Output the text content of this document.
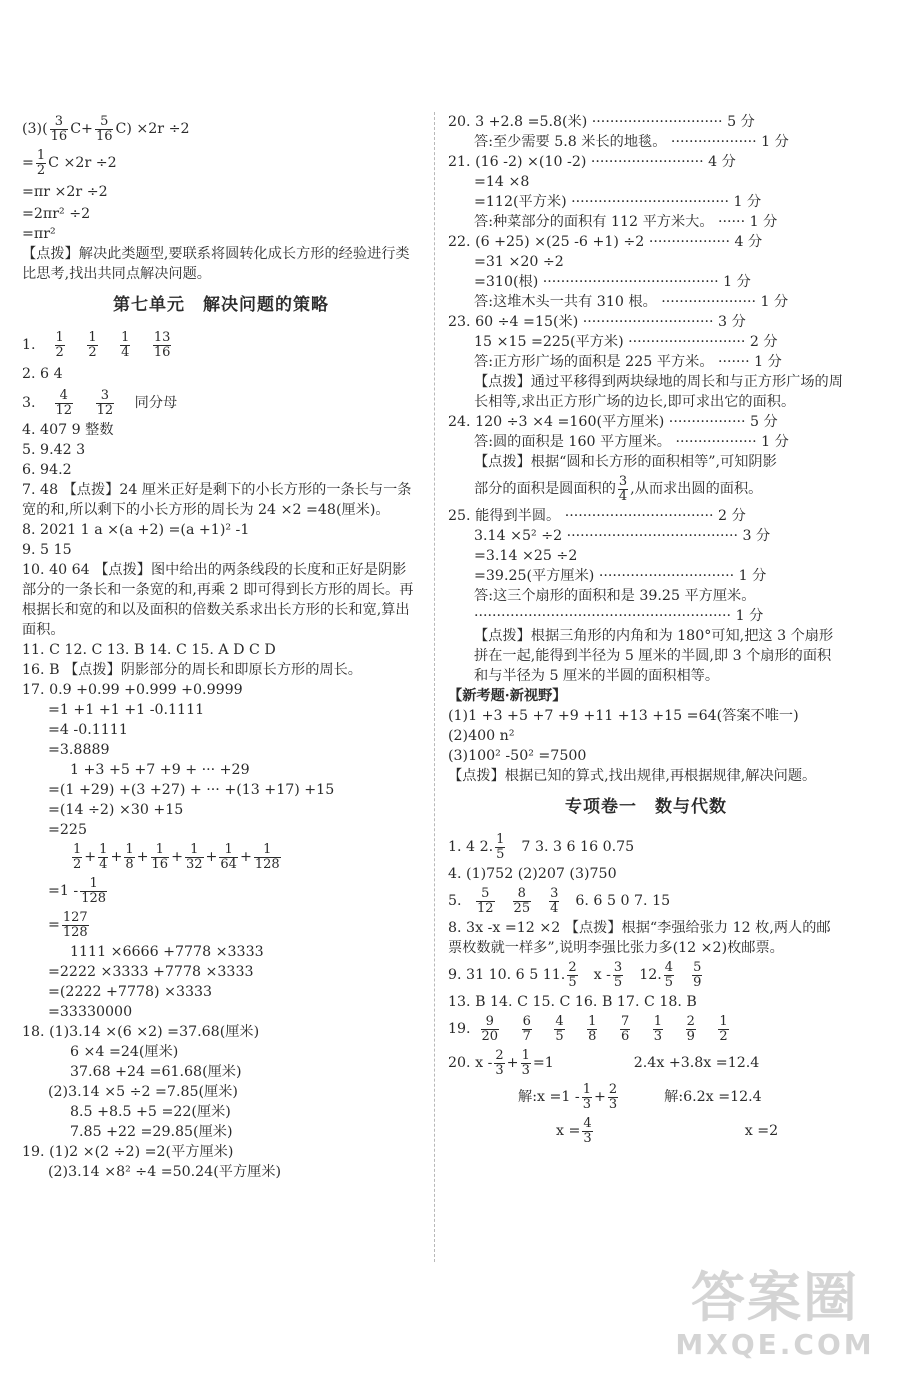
$(3)( \frac{3}{16} C+ \frac{5}{16} C) \times 2r \div 2$
= $\frac{1}{2}$ C ×2r ÷2
=πr ×2r ÷2
=2πr² ÷2
=πr²
【点拨】解决此类题型,要联系将圆转化成长方形的经验进行类比思考,找出共同点解决问题。
第七单元　解决问题的策略
1. $\frac{1}{2}$
$\frac{1}{2}$
$\frac{1}{4}$
$\frac{13}{16}$
2. 6 4
3. $\frac{4}{12}$
$\frac{3}{12}$ 同分母
4. 407 9 整数
5. 9.42 3
6. 94.2
7. 48 【点拨】24 厘米正好是剩下的小长方形的一条长与一条宽的和,所以剩下的小长方形的周长为 24 ×2 =48(厘米)。
8. 2021 1 a ×(a +2) =(a +1)² -1
9. 5 15
10. 40 64 【点拨】图中给出的两条线段的长度和正好是阴影部分的一条长和一条宽的和,再乘 2 即可得到长方形的周长。再根据长和宽的和以及面积的倍数关系求出长方形的长和宽,算出面积。
11. C 12. C 13. B 14. C 15. A D C D
16. B 【点拨】阴影部分的周长和即原长方形的周长。
17. 0.9 +0.99 +0.999 +0.9999
=1 +1 +1 +1 -0.1111
=4 -0.1111
=3.8889
1 +3 +5 +7 +9 + ··· +29
=(1 +29) +(3 +27) + ··· +(13 +17) +15
=(14 ÷2) ×30 +15
=225
$\frac{1}{2} + \frac{1}{4} + \frac{1}{8} + \frac{1}{16} + \frac{1}{32} + \frac{1}{64} + \frac{1}{128}$
$=1 - \frac{1}{128}$
= $\frac{127}{128}$
1111 ×6666 +7778 ×3333
=2222 ×3333 +7778 ×3333
=(2222 +7778) ×3333
=33330000
18. (1)3.14 ×(6 ×2) =37.68(厘米)
6 ×4 =24(厘米)
37.68 +24 =61.68(厘米)
(2)3.14 ×5 ÷2 =7.85(厘米)
8.5 +8.5 +5 =22(厘米)
7.85 +22 =29.85(厘米)
19. (1)2 ×(2 ÷2) =2(平方厘米)
(2)3.14 ×8² ÷4 =50.24(平方厘米)
20. 3 +2.8 =5.8(米) ····························· 5 分
答:至少需要 5.8 米长的地毯。 ··················· 1 分
21. (16 -2) ×(10 -2) ························· 4 分
=14 ×8
=112(平方米) ··································· 1 分
答:种菜部分的面积有 112 平方米大。 ······ 1 分
22. (6 +25) ×(25 -6 +1) ÷2 ·················· 4 分
=31 ×20 ÷2
=310(根) ······································· 1 分
答:这堆木头一共有 310 根。 ····················· 1 分
23. 60 ÷4 =15(米) ····························· 3 分
15 ×15 =225(平方米) ·························· 2 分
答:正方形广场的面积是 225 平方米。 ······· 1 分
【点拨】通过平移得到两块绿地的周长和与正方形广场的周长相等,求出正方形广场的边长,即可求出它的面积。
24. 120 ÷3 ×4 =160(平方厘米) ················· 5 分
答:圆的面积是 160 平方厘米。 ·················· 1 分
【点拨】根据“圆和长方形的面积相等”,可知阴影
部分的面积是圆面积的 $\frac{3}{4}$ ,从而求出圆的面积。
25. 能得到半圆。 ································· 2 分
3.14 ×5² ÷2 ······································ 3 分
=3.14 ×25 ÷2
=39.25(平方厘米) ······························ 1 分
答:这三个扇形的面积和是 39.25 平方厘米。
························································· 1 分
【点拨】根据三角形的内角和为 180°可知,把这 3 个扇形拼在一起,能得到半径为 5 厘米的半圆,即 3 个扇形的面积和与半径为 5 厘米的半圆的面积相等。
【新考题·新视野】
(1)1 +3 +5 +7 +9 +11 +13 +15 =64(答案不唯一)
(2)400 n²
(3)100² -50² =7500
【点拨】根据已知的算式,找出规律,再根据规律,解决问题。
专项卷一　数与代数
1. 4 2. $\frac{1}{5} 7$ 3. 3 6 16 0.75
4. (1)752 (2)207 (3)750
5. $\frac{5}{12} \frac{8}{25} \frac{3}{4} 6$. 6 5 0 7. 15
8. 3x -x =12 ×2 【点拨】根据“李强给张力 12 枚,两人的邮票枚数就一样多”,说明李强比张力多(12 ×2)枚邮票。
9. 31 10. 6 5 11. $\frac{2}{5}$ x - $\frac{3}{5} 12$. $\frac{4}{5} \frac{5}{9}$
13. B 14. C 15. C 16. B 17. C 18. B
19. $\frac{9}{20}$
$\frac{6}{7}$
$\frac{4}{5}$
$\frac{1}{8}$
$\frac{7}{6}$
$\frac{1}{3}$
$\frac{2}{9}$
$\frac{1}{2}$
20. $x - \frac{2}{3} + \frac{1}{3} =1$	2.4x +3.8x =12.4
解:x $=1 - \frac{1}{3} + \frac{2}{3}$	解:6.2x =12.4
$x = \frac{4}{3}$	x =2
答案圈
MXQE.COM
